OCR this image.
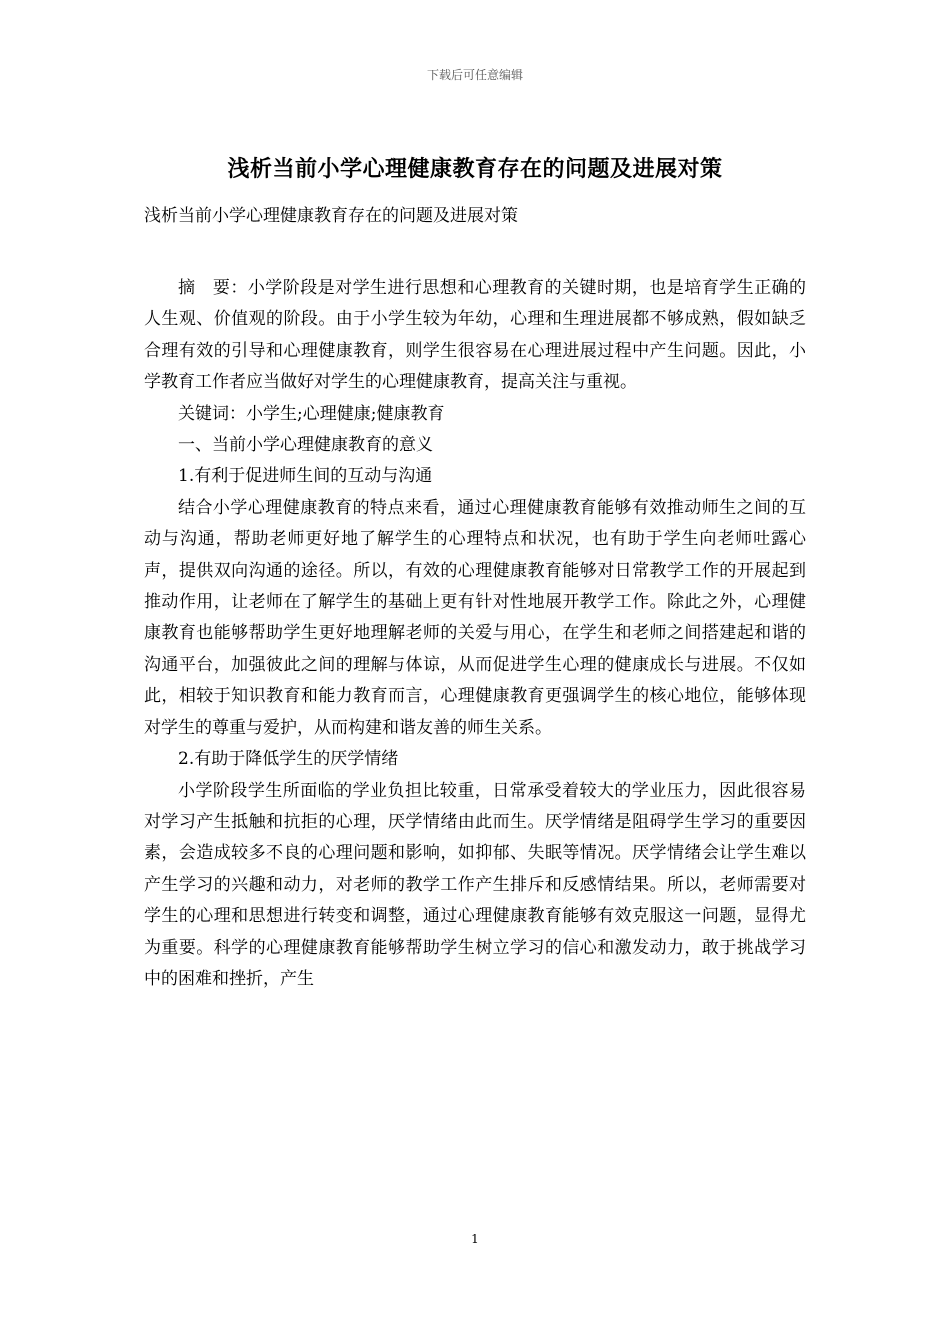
下载后可任意编辑
浅析当前小学心理健康教育存在的问题及进展对策
浅析当前小学心理健康教育存在的问题及进展对策

摘　要：小学阶段是对学生进行思想和心理教育的关键时期，也是培育学生正确的人生观、价值观的阶段。由于小学生较为年幼，心理和生理进展都不够成熟，假如缺乏合理有效的引导和心理健康教育，则学生很容易在心理进展过程中产生问题。因此，小学教育工作者应当做好对学生的心理健康教育，提高关注与重视。

关键词：小学生;心理健康;健康教育

一、当前小学心理健康教育的意义

1.有利于促进师生间的互动与沟通

结合小学心理健康教育的特点来看，通过心理健康教育能够有效推动师生之间的互动与沟通，帮助老师更好地了解学生的心理特点和状况，也有助于学生向老师吐露心声，提供双向沟通的途径。所以，有效的心理健康教育能够对日常教学工作的开展起到推动作用，让老师在了解学生的基础上更有针对性地展开教学工作。除此之外，心理健康教育也能够帮助学生更好地理解老师的关爱与用心，在学生和老师之间搭建起和谐的沟通平台，加强彼此之间的理解与体谅，从而促进学生心理的健康成长与进展。不仅如此，相较于知识教育和能力教育而言，心理健康教育更强调学生的核心地位，能够体现对学生的尊重与爱护，从而构建和谐友善的师生关系。

2.有助于降低学生的厌学情绪

小学阶段学生所面临的学业负担比较重，日常承受着较大的学业压力，因此很容易对学习产生抵触和抗拒的心理，厌学情绪由此而生。厌学情绪是阻碍学生学习的重要因素，会造成较多不良的心理问题和影响，如抑郁、失眠等情况。厌学情绪会让学生难以产生学习的兴趣和动力，对老师的教学工作产生排斥和反感情结果。所以，老师需要对学生的心理和思想进行转变和调整，通过心理健康教育能够有效克服这一问题，显得尤为重要。科学的心理健康教育能够帮助学生树立学习的信心和激发动力，敢于挑战学习中的困难和挫折，产生

1
